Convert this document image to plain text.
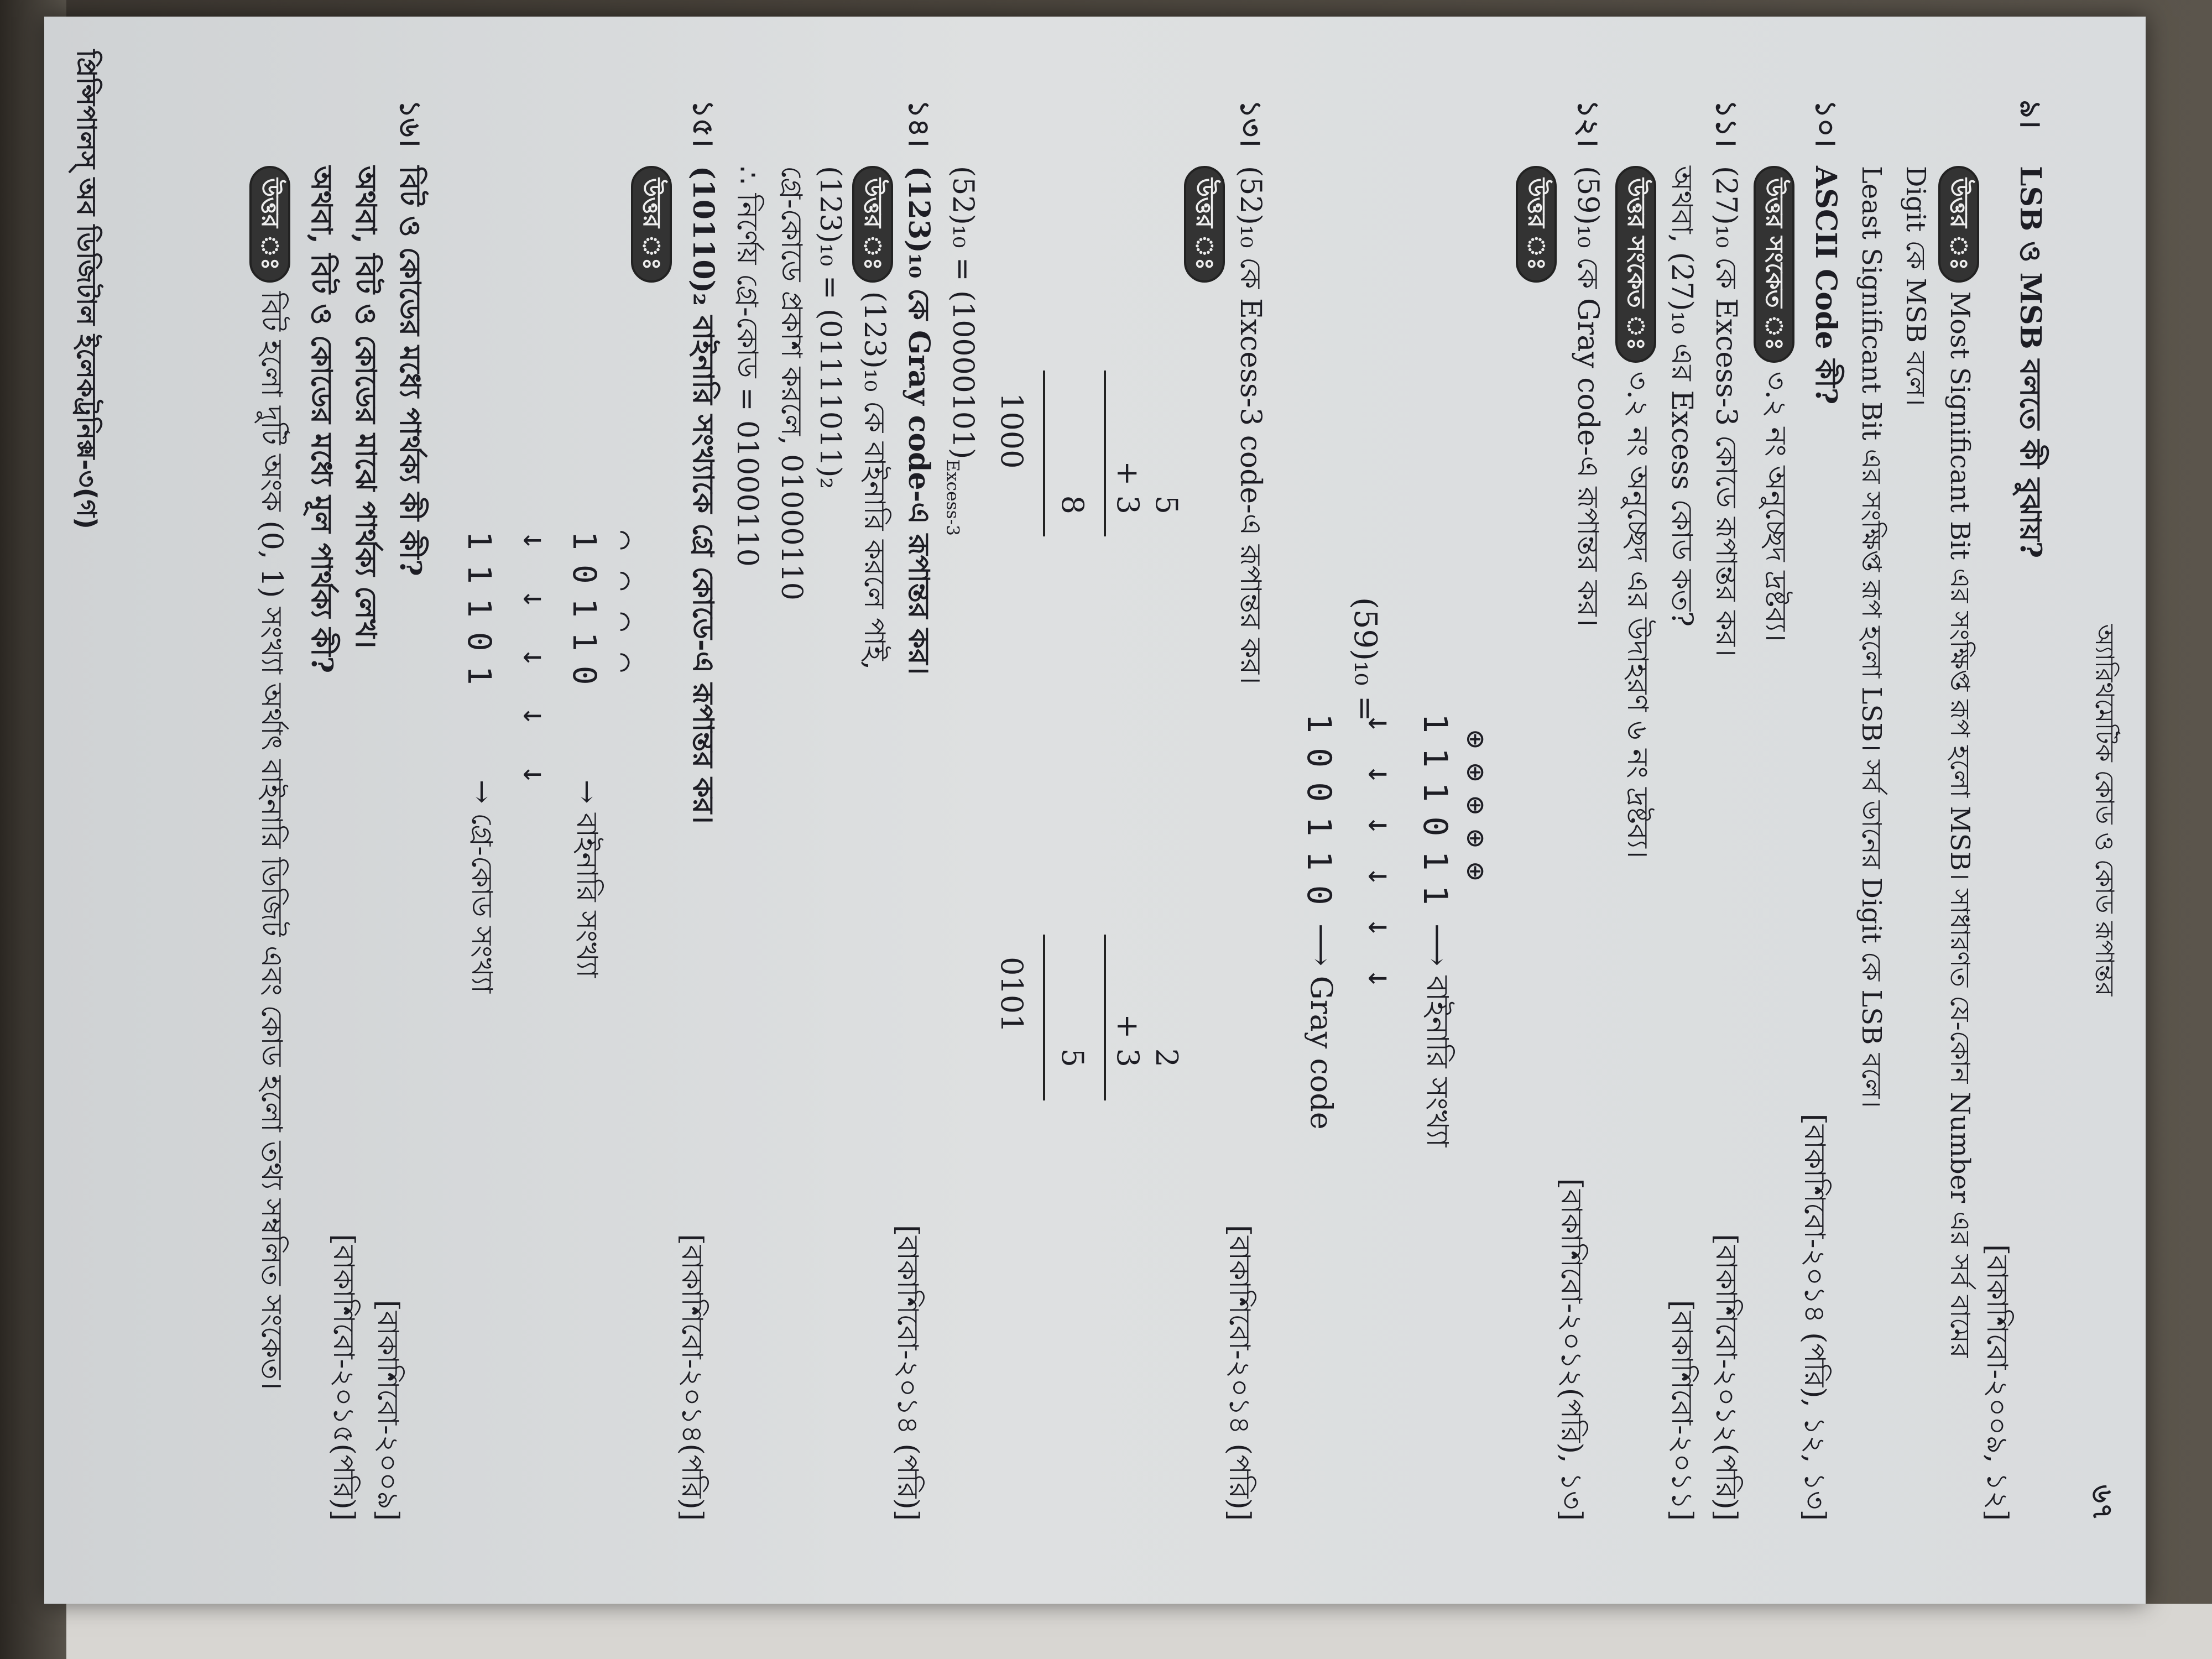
অ্যারিথমেটিক কোড ও কোড রূপান্তর
৬৭
৯।
LSB ও MSB বলতে কী বুঝায়?
[বাকাশিবো-২০০৯, ১২]
উত্তর ঃMost Significant Bit এর সংক্ষিপ্ত রূপ হলো MSB। সাধারণত যে-কোন Number এর সর্ব বামের
Digit কে MSB বলে।
Least Significant Bit এর সংক্ষিপ্ত রূপ হলো LSB। সর্ব ডানের Digit কে LSB বলে।
১০।
ASCII Code কী?
[বাকাশিবো-২০১৪ (পরি), ১২, ১৩]
উত্তর সংকেত ঃ৩.২ নং অনুচ্ছেদ দ্রষ্টব্য।
১১।
(27)₁₀ কে Excess-3 কোডে রূপান্তর কর।
[বাকাশিবো-২০১২(পরি)]
অথবা, (27)₁₀ এর Excess কোড কত?
[বাকাশিবো-২০১১]
উত্তর সংকেত ঃ৩.২ নং অনুচ্ছেদ এর উদাহরণ ৬ নং দ্রষ্টব্য।
১২।
(59)₁₀ কে Gray code-এ রূপান্তর কর।
[বাকাশিবো-২০১২(পরি), ১৩]
উত্তর ঃ
(59)₁₀ =
⊕⊕⊕⊕⊕
111011
⟶ বাইনারি সংখ্যা
↓ ↓ ↓ ↓ ↓ ↓
100110
⟶ Gray code
১৩।
(52)₁₀ কে Excess-3 code-এ রূপান্তর কর।
[বাকাশিবো-২০১৪ (পরি)]
উত্তর ঃ
5
+ 3
8
1000
2
+ 3
5
0101
$(52)_{10} = (10000101)_{Excess-3}$
১৪।
(123)₁₀ কে Gray code-এ রূপান্তর কর।
[বাকাশিবো-২০১৪ (পরি)]
উত্তর ঃ(123)₁₀ কে বাইনারি করলে পাই,
(123)₁₀ = (01111011)₂
গ্রে-কোডে প্রকাশ করলে, 01000110
∴ নির্ণেয় গ্রে-কোড = 01000110
১৫।
(10110)₂ বাইনারি সংখ্যাকে গ্রে কোডে-এ রূপান্তর কর।
[বাকাশিবো-২০১৪(পরি)]
উত্তর ঃ
⌒⌒⌒⌒
10110
→ বাইনারি সংখ্যা
↓ ↓ ↓ ↓ ↓
11101
→ গ্রে-কোড সংখ্যা
১৬।
বিট ও কোডের মধ্যে পার্থক্য কী কী?
[বাকাশিবো-২০০৯]
অথবা, বিট ও কোডের মাঝে পার্থক্য লেখ।
অথবা, বিট ও কোডের মধ্যে মূল পার্থক্য কী?
[বাকাশিবো-২০১৫(পরি)]
উত্তর ঃবিট হলো দুটি অংক (0, 1) সংখ্যা অর্থাৎ বাইনারি ডিজিট এবং কোড হলো তথ্য সম্বলিত সংকেত।
প্রিন্সিপালস্ অব ডিজিটাল ইলেকট্রনিক্স-৩(গ)
